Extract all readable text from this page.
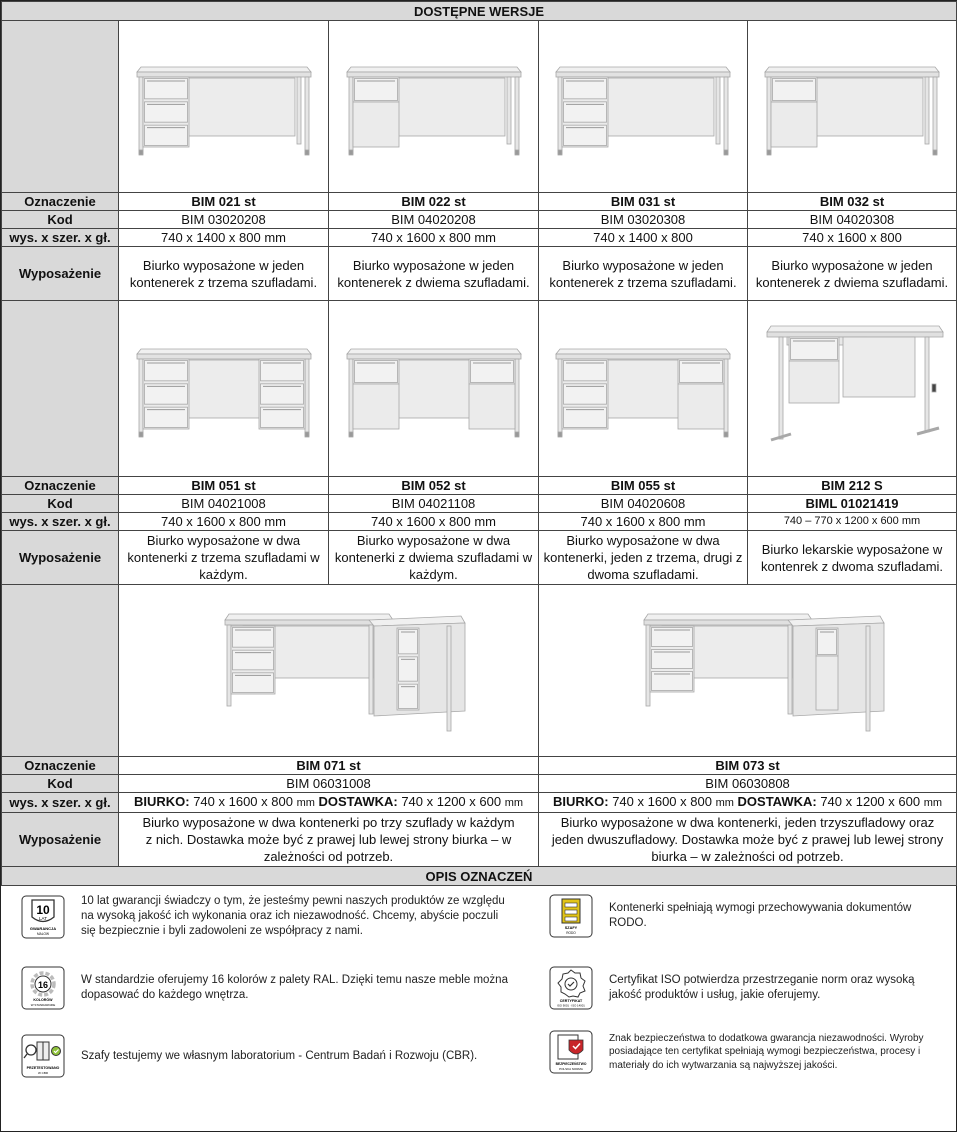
DOSTĘPNE WERSJE				

Oznaczenie	BIM 021 st	BIM 022 st	BIM 031 st	BIM 032 st
Kod	BIM 03020208	BIM 04020208	BIM 03020308	BIM 04020308
wys. x szer. x gł.	740 x 1400 x 800 mm	740 x 1600 x 800 mm	740 x 1400 x 800	740 x 1600 x 800
Wyposażenie	Biurko wyposażone w jeden kontenerek z trzema szufladami.	Biurko wyposażone w jeden kontenerek z dwiema szufladami.	Biurko wyposażone w jeden kontenerek z trzema szufladami.	Biurko wyposażone w jeden kontenerek z dwiema szufladami.

Oznaczenie	BIM 051 st	BIM 052 st	BIM 055 st	BIM 212 S
Kod	BIM 04021008	BIM 04021108	BIM 04020608	BIML 01021419
wys. x szer. x gł.	740 x 1600 x 800 mm	740 x 1600 x 800 mm	740 x 1600 x 800 mm	740 – 770 x 1200 x 600 mm
Wyposażenie	Biurko wyposażone w dwa kontenerki z trzema szufladami w każdym.	Biurko wyposażone w dwa kontenerki z dwiema szufladami w każdym.	Biurko wyposażone w dwa kontenerki, jeden z trzema, drugi z dwoma szufladami.	Biurko lekarskie wyposażone w kontenrek z dwoma szufladami.

Oznaczenie	BIM 071 st		BIM 073 st	
Kod	BIM 06031008		BIM 06030808	
wys. x szer. x gł.	BIURKO: 740 x 1600 x 800 mm DOSTAWKA: 740 x 1200 x 600 mm		BIURKO: 740 x 1600 x 800 mm DOSTAWKA: 740 x 1200 x 600 mm	
Wyposażenie	Biurko wyposażone w dwa kontenerki po trzy szuflady w każdym z nich. Dostawka może być z prawej lub lewej strony biurka – w zależności od potrzeb.		Biurko wyposażone w dwa kontenerki, jeden trzyszufladowy oraz jeden dwuszufladowy. Dostawka może być z prawej lub lewej strony biurka – w zależności od potrzeb.	
OPIS OZNACZEŃ				
10
LAT
GWARANCJA
MALOW
10 lat gwarancji świadczy o tym, że jesteśmy pewni naszych produktów ze względu na wysoką jakość ich wykonania oraz ich niezawodność. Chcemy, abyście poczuli się bezpiecznie i byli zadowoleni ze współpracy z nami.
16
KOLORÓW
W STANDARDZIE
W standardzie oferujemy 16 kolorów z palety RAL. Dzięki temu nasze meble można dopasować do każdego wnętrza.
PRZETESTOWANO
W CBR
Szafy testujemy we własnym laboratorium - Centrum Badań i Rozwoju (CBR).
SZAFY
RODO
Kontenerki spełniają wymogi przechowywania dokumentów RODO.
CERTYFIKAT
ISO 9001 · ISO 14001
Certyfikat ISO potwierdza przestrzeganie norm oraz wysoką jakość produktów i usług, jakie oferujemy.
BEZPIECZEŃSTWO
POLSKA NORMA
Znak bezpieczeństwa to dodatkowa gwarancja niezawodności. Wyroby posiadające ten certyfikat spełniają wymogi bezpieczeństwa, procesy i materiały do ich wytwarzania są najwyższej jakości.
